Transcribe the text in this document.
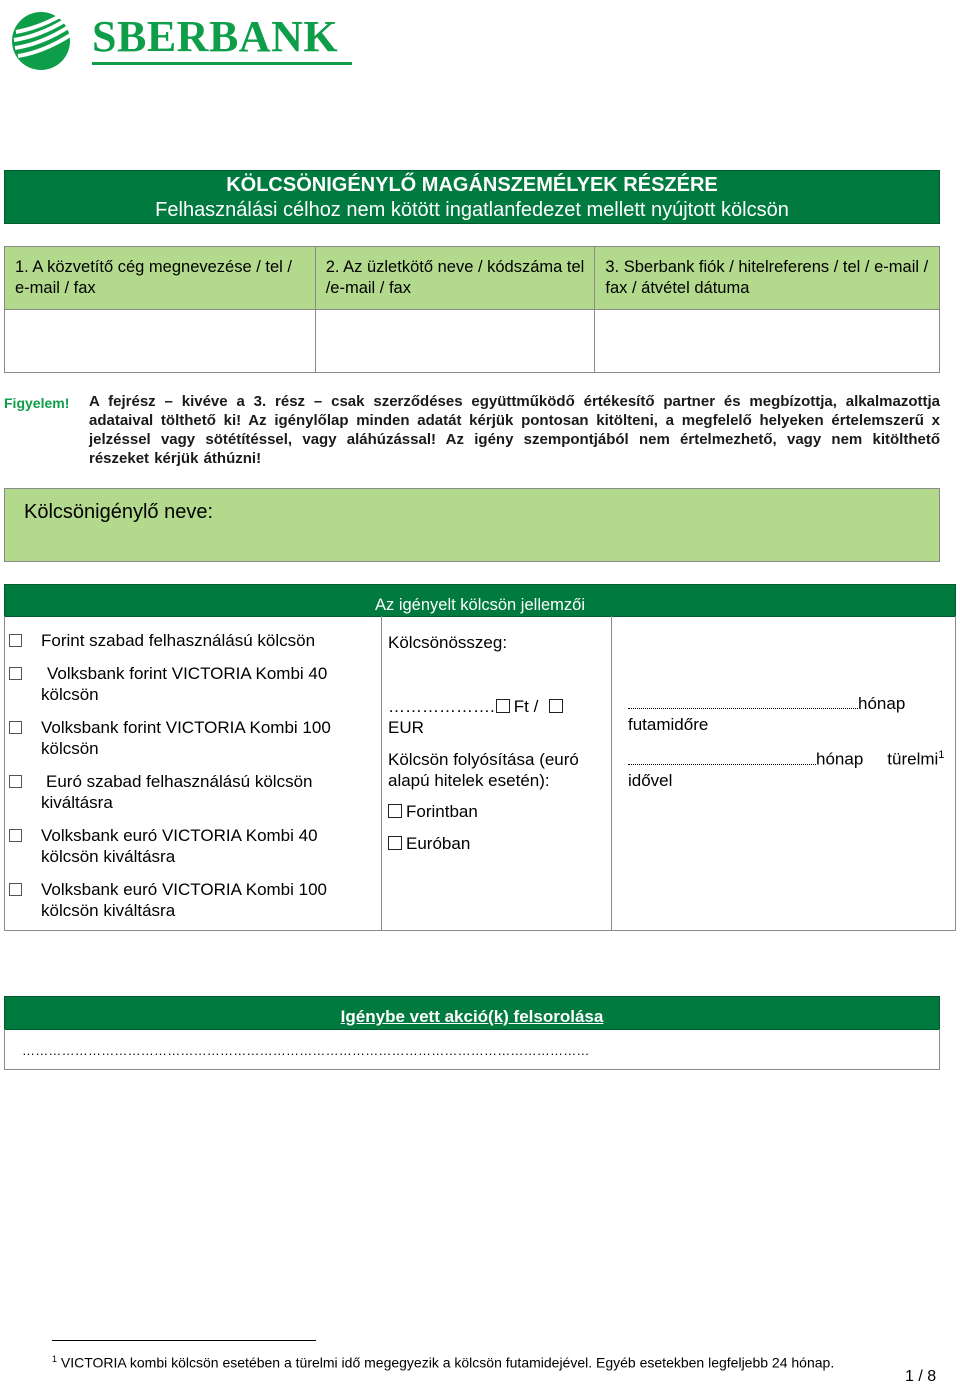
SBERBANK
KÖLCSÖNIGÉNYLŐ MAGÁNSZEMÉLYEK RÉSZÉRE
Felhasználási célhoz nem kötött ingatlanfedezet mellett nyújtott kölcsön
1. A közvetítő cég megnevezése / tel / e-mail / fax	2. Az üzletkötő neve / kódszáma tel /e-mail / fax	3. Sberbank fiók / hitelreferens / tel / e-mail / fax / átvétel dátuma

Figyelem! A fejrész – kivéve a 3. rész – csak szerződéses együttműködő értékesítő partner és megbízottja, alkalmazottja adataival tölthető ki! Az igénylőlap minden adatát kérjük pontosan kitölteni, a megfelelő helyeken értelemszerű x jelzéssel vagy sötétítéssel, vagy aláhúzással! Az igény szempontjából nem értelmezhető, vagy nem kitölthető részeket kérjük áthúzni!
Kölcsönigénylő neve:
Az igényelt kölcsön jellemzői
Forint szabad felhasználású kölcsön
Volksbank forint VICTORIA Kombi 40
kölcsön
Volksbank forint VICTORIA Kombi 100
kölcsön
Euró szabad felhasználású kölcsön
kiváltásra
Volksbank euró VICTORIA Kombi 40
kölcsön kiváltásra
Volksbank euró VICTORIA Kombi 100
kölcsön kiváltásra
Kölcsönösszeg:
………………. Ft /
EUR
Kölcsön folyósítása (euró alapú hitelek esetén):
Forintban
Euróban
hónap
futamidőre
hónap türelmi$^1$
idővel
Igénybe vett akció(k) felsorolása
…………………………………………………………………………………………………………………
$^1$ VICTORIA kombi kölcsön esetében a türelmi idő megegyezik a kölcsön futamidejével. Egyéb esetekben legfeljebb 24 hónap.
1 / 8
